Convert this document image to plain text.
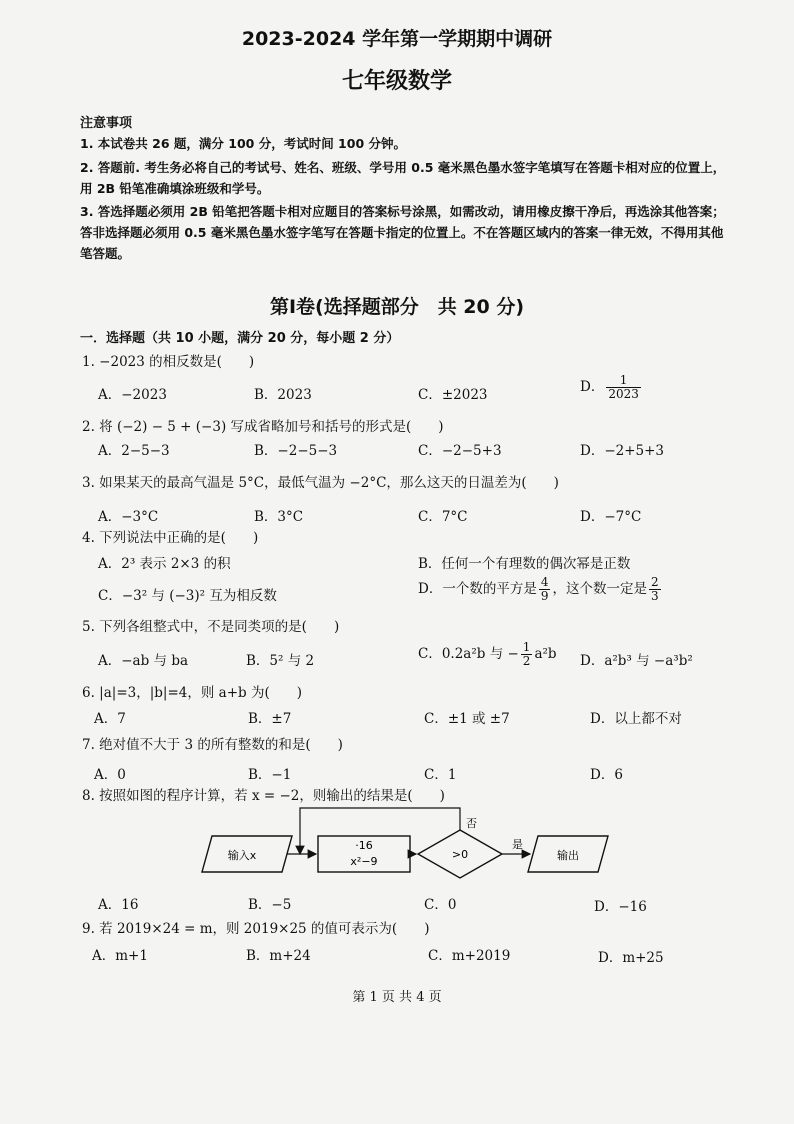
2023-2024 学年第一学期期中调研
七年级数学
注意事项
1. 本试卷共 26 题，满分 100 分，考试时间 100 分钟。
2. 答题前. 考生务必将自己的考试号、姓名、班级、学号用 0.5 毫米黑色墨水签字笔填写在答题卡相对应的位置上，用 2B 铅笔准确填涂班级和学号。
3. 答选择题必须用 2B 铅笔把答题卡相对应题目的答案标号涂黑，如需改动，请用橡皮擦干净后，再选涂其他答案；答非选择题必须用 0.5 毫米黑色墨水签字笔写在答题卡指定的位置上。不在答题区域内的答案一律无效，不得用其他笔答题。
第Ⅰ卷(选择题部分　共 20 分)
一．选择题（共 10 小题，满分 20 分，每小题 2 分）
1. −2023 的相反数是(　　)
A．−2023	B．2023	C．±2023	D． $\frac{1}{2023}$
2. 将 (−2) − 5 + (−3) 写成省略加号和括号的形式是(　　)
A．2−5−3	B．−2−5−3	C．−2−5+3	D．−2+5+3
3. 如果某天的最高气温是 5°C，最低气温为 −2°C，那么这天的日温差为(　　)
A．−3°C	B．3°C	C．7°C	D．−7°C
4. 下列说法中正确的是(　　)
A．2³ 表示 2×3 的积	B．任何一个有理数的偶次幂是正数
C．−3² 与 (−3)² 互为相反数	D．一个数的平方是 $\frac{4}{9}$ ，这个数一定是 $\frac{2}{3}$
5. 下列各组整式中，不是同类项的是(　　)
A．−ab 与 ba	B．5² 与 2	C．0.2a²b 与 − $\frac{1}{2} a^2b$ D．a²b³ 与 −a³b²
6. |a|=3，|b|=4，则 a+b 为(　　)
A．7	B．±7	C．±1 或 ±7	D．以上都不对
7. 绝对值不大于 3 的所有整数的和是(　　)
A．0	B．−1	C．1	D．6
8. 按照如图的程序计算，若 x = −2，则输出的结果是(　　)
输入x
·16
x²−9
>0
否
是
输出
A．16	B．−5	C．0	D．−16
9. 若 2019×24 = m，则 2019×25 的值可表示为(　　)
A．m+1	B．m+24	C．m+2019	D．m+25
第 1 页 共 4 页
